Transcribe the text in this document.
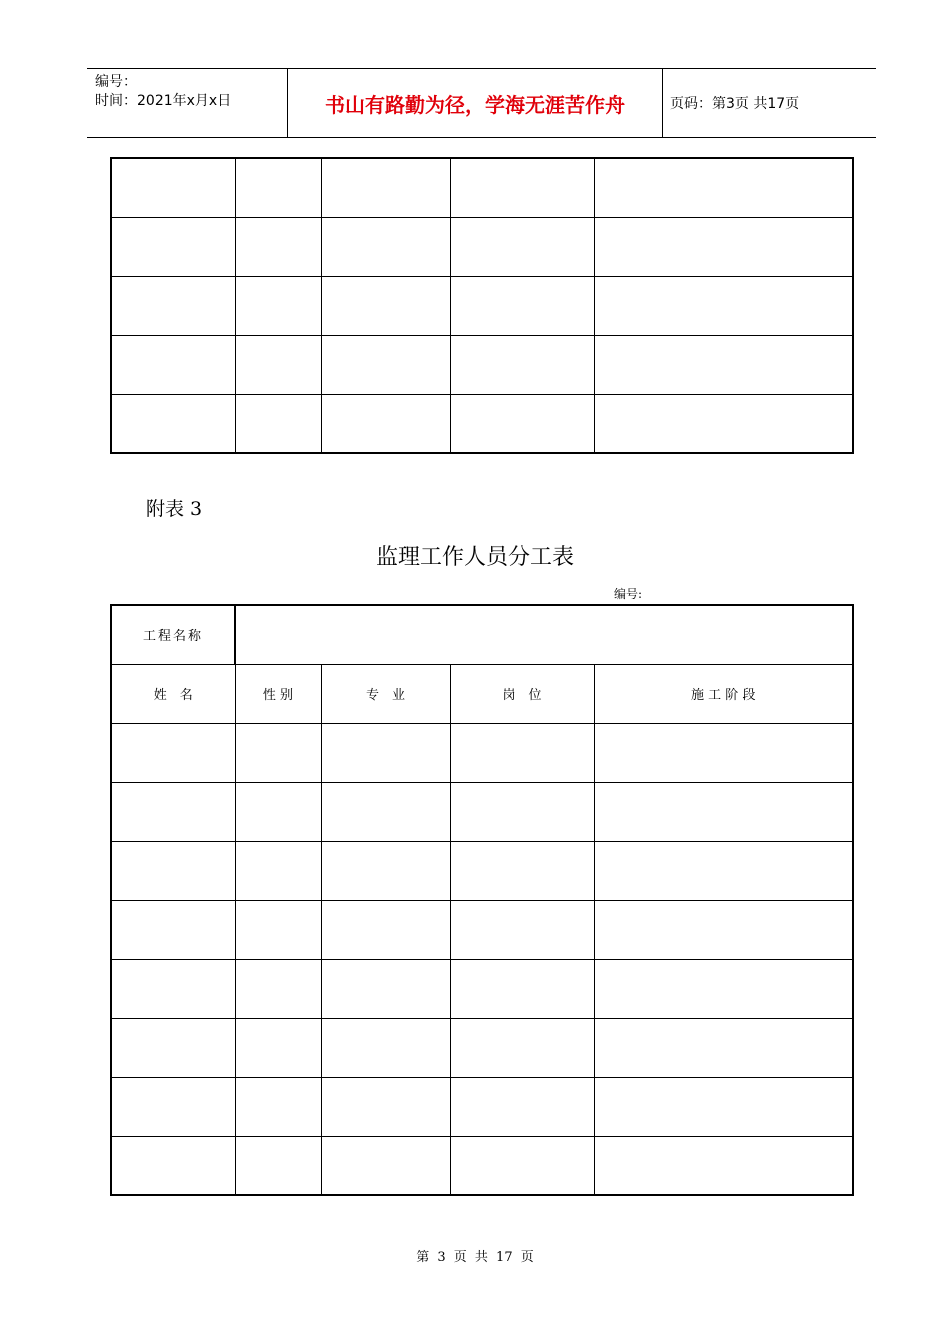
编号：
时间：2021年x月x日	书山有路勤为径，学海无涯苦作舟	页码：第3页 共17页

附表 3
监理工作人员分工表
编号:
工程名称				
姓　名	性 别	专　业	岗　位	施 工 阶 段

第 3 页 共 17 页
